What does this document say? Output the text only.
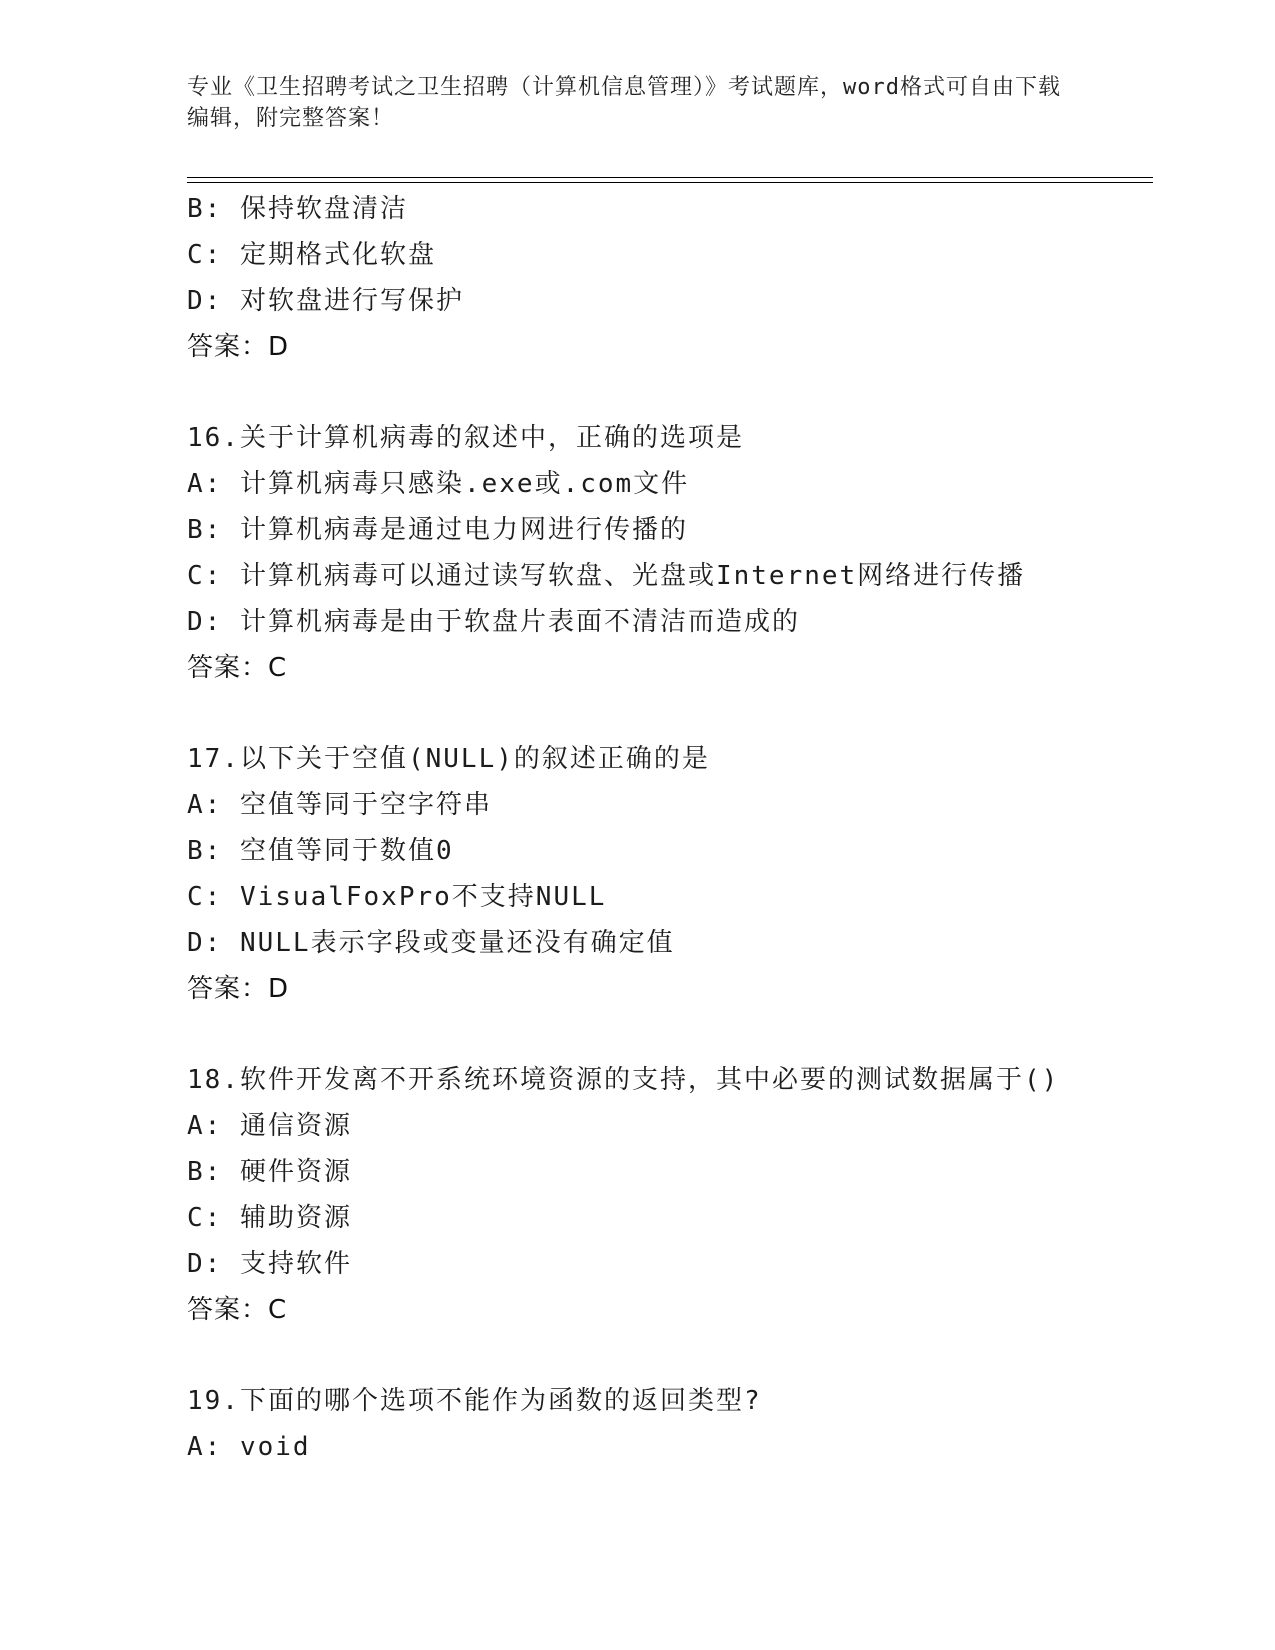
专业《卫生招聘考试之卫生招聘（计算机信息管理）》考试题库，word格式可自由下载编辑，附完整答案！
B: 保持软盘清洁
C: 定期格式化软盘
D: 对软盘进行写保护
答案：D
16.关于计算机病毒的叙述中，正确的选项是
A: 计算机病毒只感染.exe或.com文件
B: 计算机病毒是通过电力网进行传播的
C: 计算机病毒可以通过读写软盘、光盘或Internet网络进行传播
D: 计算机病毒是由于软盘片表面不清洁而造成的
答案：C
17.以下关于空值(NULL)的叙述正确的是
A: 空值等同于空字符串
B: 空值等同于数值0
C: VisualFoxPro不支持NULL
D: NULL表示字段或变量还没有确定值
答案：D
18.软件开发离不开系统环境资源的支持，其中必要的测试数据属于()
A: 通信资源
B: 硬件资源
C: 辅助资源
D: 支持软件
答案：C
19.下面的哪个选项不能作为函数的返回类型?
A: void
